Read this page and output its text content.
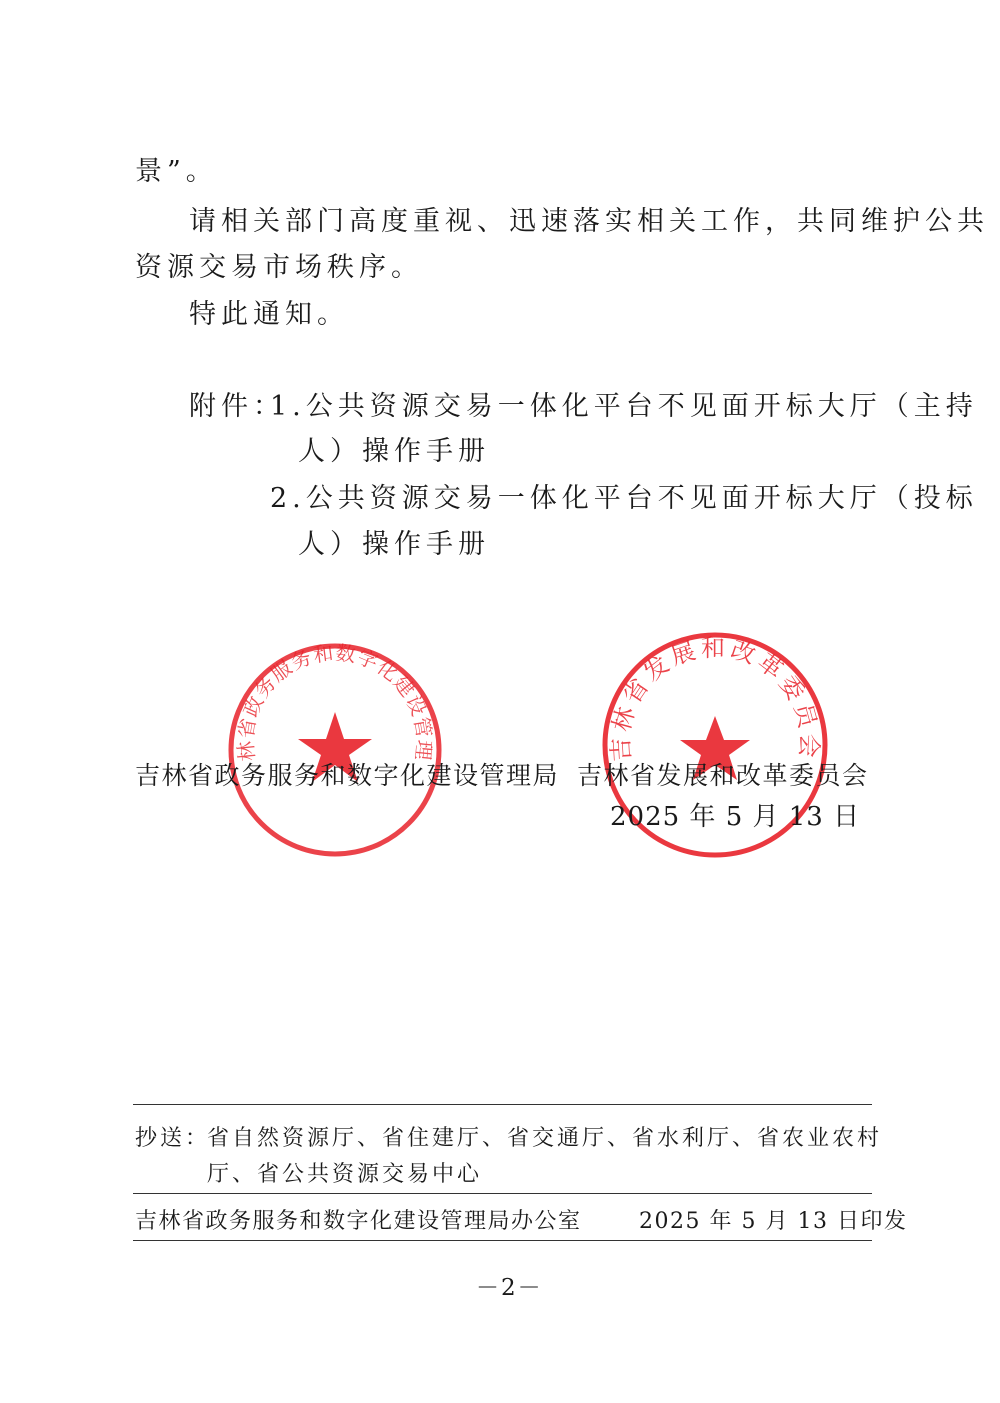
景”。
请相关部门高度重视、迅速落实相关工作，共同维护公共
资源交易市场秩序。
特此通知。
附件：
1.公共资源交易一体化平台不见面开标大厅（主持
人）操作手册
2.公共资源交易一体化平台不见面开标大厅（投标
人）操作手册
吉林省政务服务和数字化建设管理局
吉林省发展和改革委员会
吉林省政务服务和数字化建设管理局 吉林省发展和改革委员会
2025 年 5 月 13 日
抄送：
省自然资源厅、省住建厅、省交通厅、省水利厅、省农业农村
厅、省公共资源交易中心
吉林省政务服务和数字化建设管理局办公室	2025 年 5 月 13 日印发
－2－
